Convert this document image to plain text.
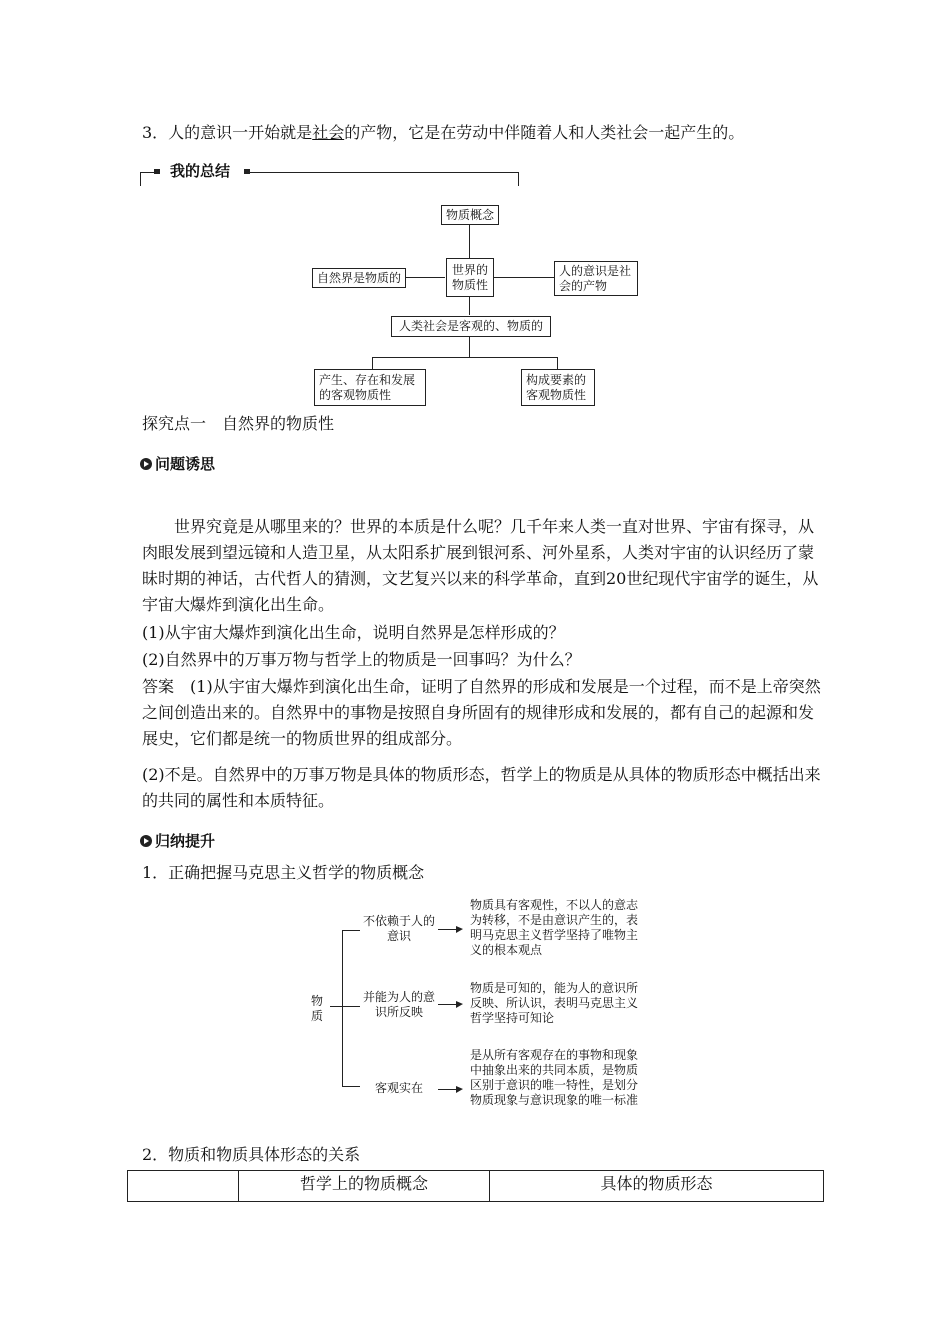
3．人的意识一开始就是社会的产物，它是在劳动中伴随着人和人类社会一起产生的。
我的总结
物质概念
世界的物质性
自然界是物质的	人的意识是社会的产物
人类社会是客观的、物质的
产生、存在和发展的客观物质性
构成要素的客观物质性
探究点一　自然界的物质性
问题诱思
世界究竟是从哪里来的？世界的本质是什么呢？几千年来人类一直对世界、宇宙有探寻，从肉眼发展到望远镜和人造卫星，从太阳系扩展到银河系、河外星系，人类对宇宙的认识经历了蒙昧时期的神话，古代哲人的猜测，文艺复兴以来的科学革命，直到20世纪现代宇宙学的诞生，从宇宙大爆炸到演化出生命。
(1)从宇宙大爆炸到演化出生命，说明自然界是怎样形成的？
(2)自然界中的万事万物与哲学上的物质是一回事吗？为什么？
答案　 (1)从宇宙大爆炸到演化出生命，证明了自然界的形成和发展是一个过程，而不是上帝突然之间创造出来的。自然界中的事物是按照自身所固有的规律形成和发展的，都有自己的起源和发展史，它们都是统一的物质世界的组成部分。
(2)不是。自然界中的万事万物是具体的物质形态，哲学上的物质是从具体的物质形态中概括出来的共同的属性和本质特征。
归纳提升
1．正确把握马克思主义哲学的物质概念
物质
不依赖于人的意识
物质具有客观性，不以人的意志为转移，不是由意识产生的，表明马克思主义哲学坚持了唯物主义的根本观点
并能为人的意识所反映
物质是可知的，能为人的意识所反映、所认识，表明马克思主义哲学坚持可知论
客观实在
是从所有客观存在的事物和现象中抽象出来的共同本质，是物质区别于意识的唯一特性，是划分物质现象与意识现象的唯一标准
2．物质和物质具体形态的关系
	哲学上的物质概念	具体的物质形态
